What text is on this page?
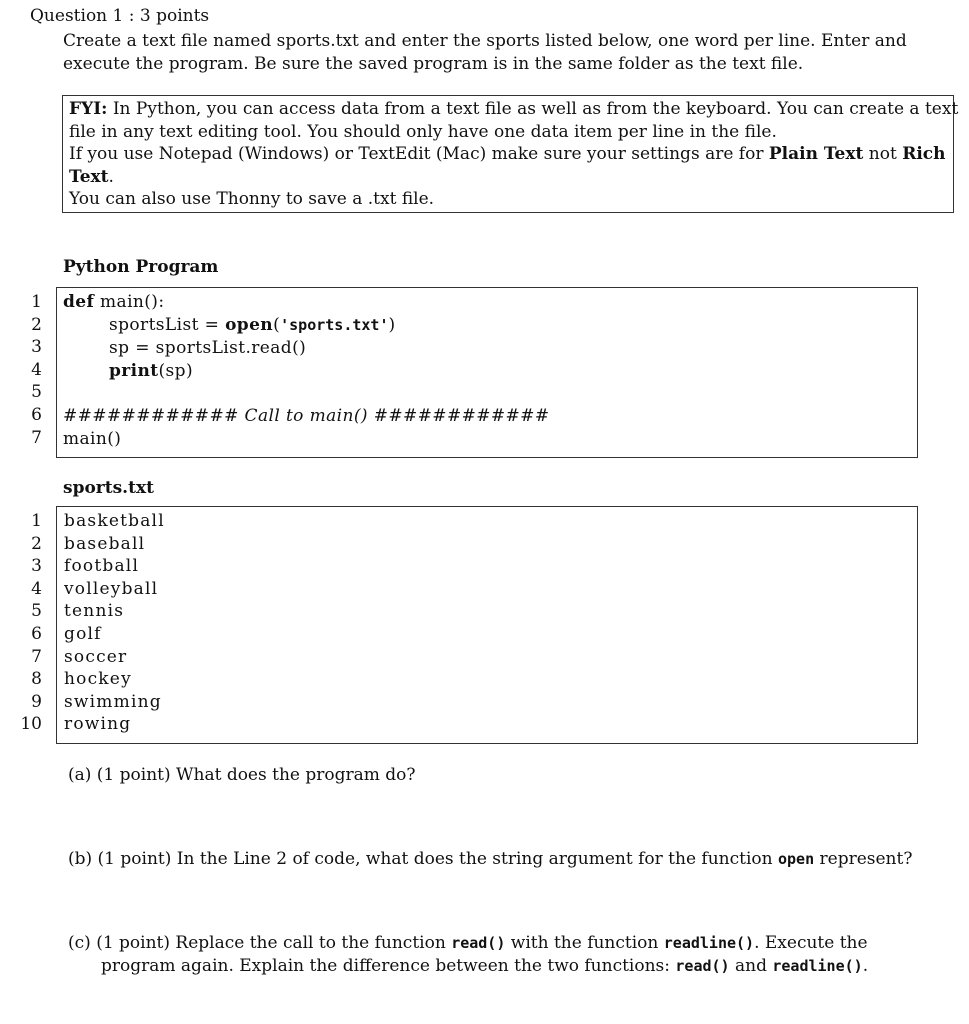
Question 1 : 3 points
Create a text file named sports.txt and enter the sports listed below, one word per line. Enter and
execute the program. Be sure the saved program is in the same folder as the text file.
FYI: In Python, you can access data from a text file as well as from the keyboard. You can create a text
file in any text editing tool. You should only have one data item per line in the file.
If you use Notepad (Windows) or TextEdit (Mac) make sure your settings are for Plain Text not Rich
Text.
You can also use Thonny to save a .txt file.
Python Program
1
2
3
4
5
6
7
def main():
sportsList = open('sports.txt')
sp = sportsList.read()
print(sp)
############ Call to main() ############
main()
sports.txt
1
2
3
4
5
6
7
8
9
10
basketball
baseball
football
volleyball
tennis
golf
soccer
hockey
swimming
rowing
(a) (1 point) What does the program do?
(b) (1 point) In the Line 2 of code, what does the string argument for the function open represent?
(c) (1 point) Replace the call to the function read() with the function readline(). Execute the
program again. Explain the difference between the two functions: read() and readline().
